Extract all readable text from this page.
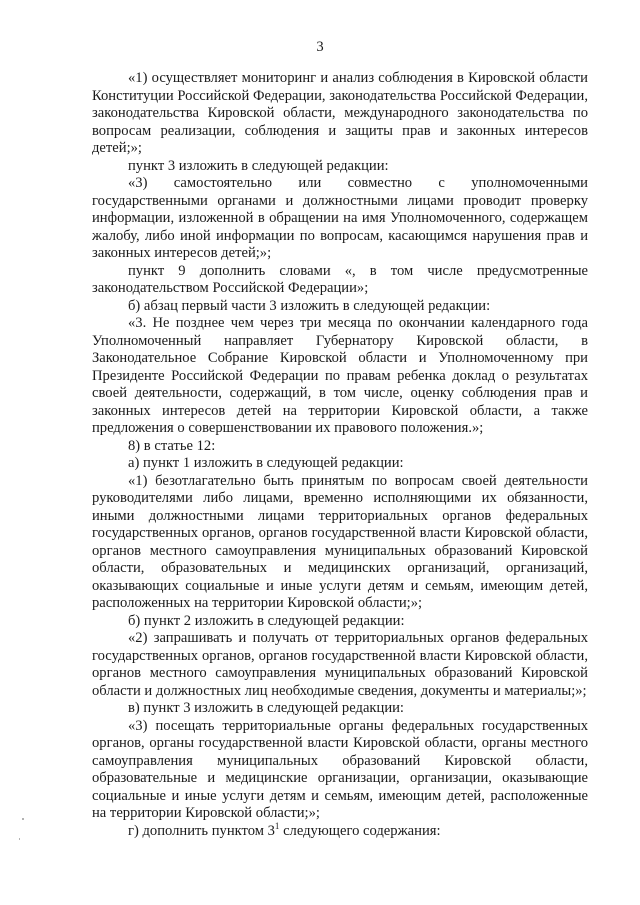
3

«1) осуществляет мониторинг и анализ соблюдения в Кировской области Конституции Российской Федерации, законодательства Российской Федерации, законодательства Кировской области, международного законодательства по вопросам реализации, соблюдения и защиты прав и законных интересов детей;»;

пункт 3 изложить в следующей редакции:

«3) самостоятельно или совместно с уполномоченными государственными органами и должностными лицами проводит проверку информации, изложенной в обращении на имя Уполномоченного, содержащем жалобу, либо иной информации по вопросам, касающимся нарушения прав и законных интересов детей;»;

пункт 9 дополнить словами «, в том числе предусмотренные законодательством Российской Федерации»;

б) абзац первый части 3 изложить в следующей редакции:

«3. Не позднее чем через три месяца по окончании календарного года Уполномоченный направляет Губернатору Кировской области, в Законодательное Собрание Кировской области и Уполномоченному при Президенте Российской Федерации по правам ребенка доклад о результатах своей деятельности, содержащий, в том числе, оценку соблюдения прав и законных интересов детей на территории Кировской области, а также предложения о совершенствовании их правового положения.»;

8) в статье 12:

а) пункт 1 изложить в следующей редакции:

«1) безотлагательно быть принятым по вопросам своей деятельности руководителями либо лицами, временно исполняющими их обязанности, иными должностными лицами территориальных органов федеральных государственных органов, органов государственной власти Кировской области, органов местного самоуправления муниципальных образований Кировской области, образовательных и медицинских организаций, организаций, оказывающих социальные и иные услуги детям и семьям, имеющим детей, расположенных на территории Кировской области;»;

б) пункт 2 изложить в следующей редакции:

«2) запрашивать и получать от территориальных органов федеральных государственных органов, органов государственной власти Кировской области, органов местного самоуправления муниципальных образований Кировской области и должностных лиц необходимые сведения, документы и материалы;»;

в) пункт 3 изложить в следующей редакции:

«3) посещать территориальные органы федеральных государственных органов, органы государственной власти Кировской области, органы местного самоуправления муниципальных образований Кировской области, образовательные и медицинские организации, организации, оказывающие социальные и иные услуги детям и семьям, имеющим детей, расположенные на территории Кировской области;»;

г) дополнить пунктом $3^1$ следующего содержания:
